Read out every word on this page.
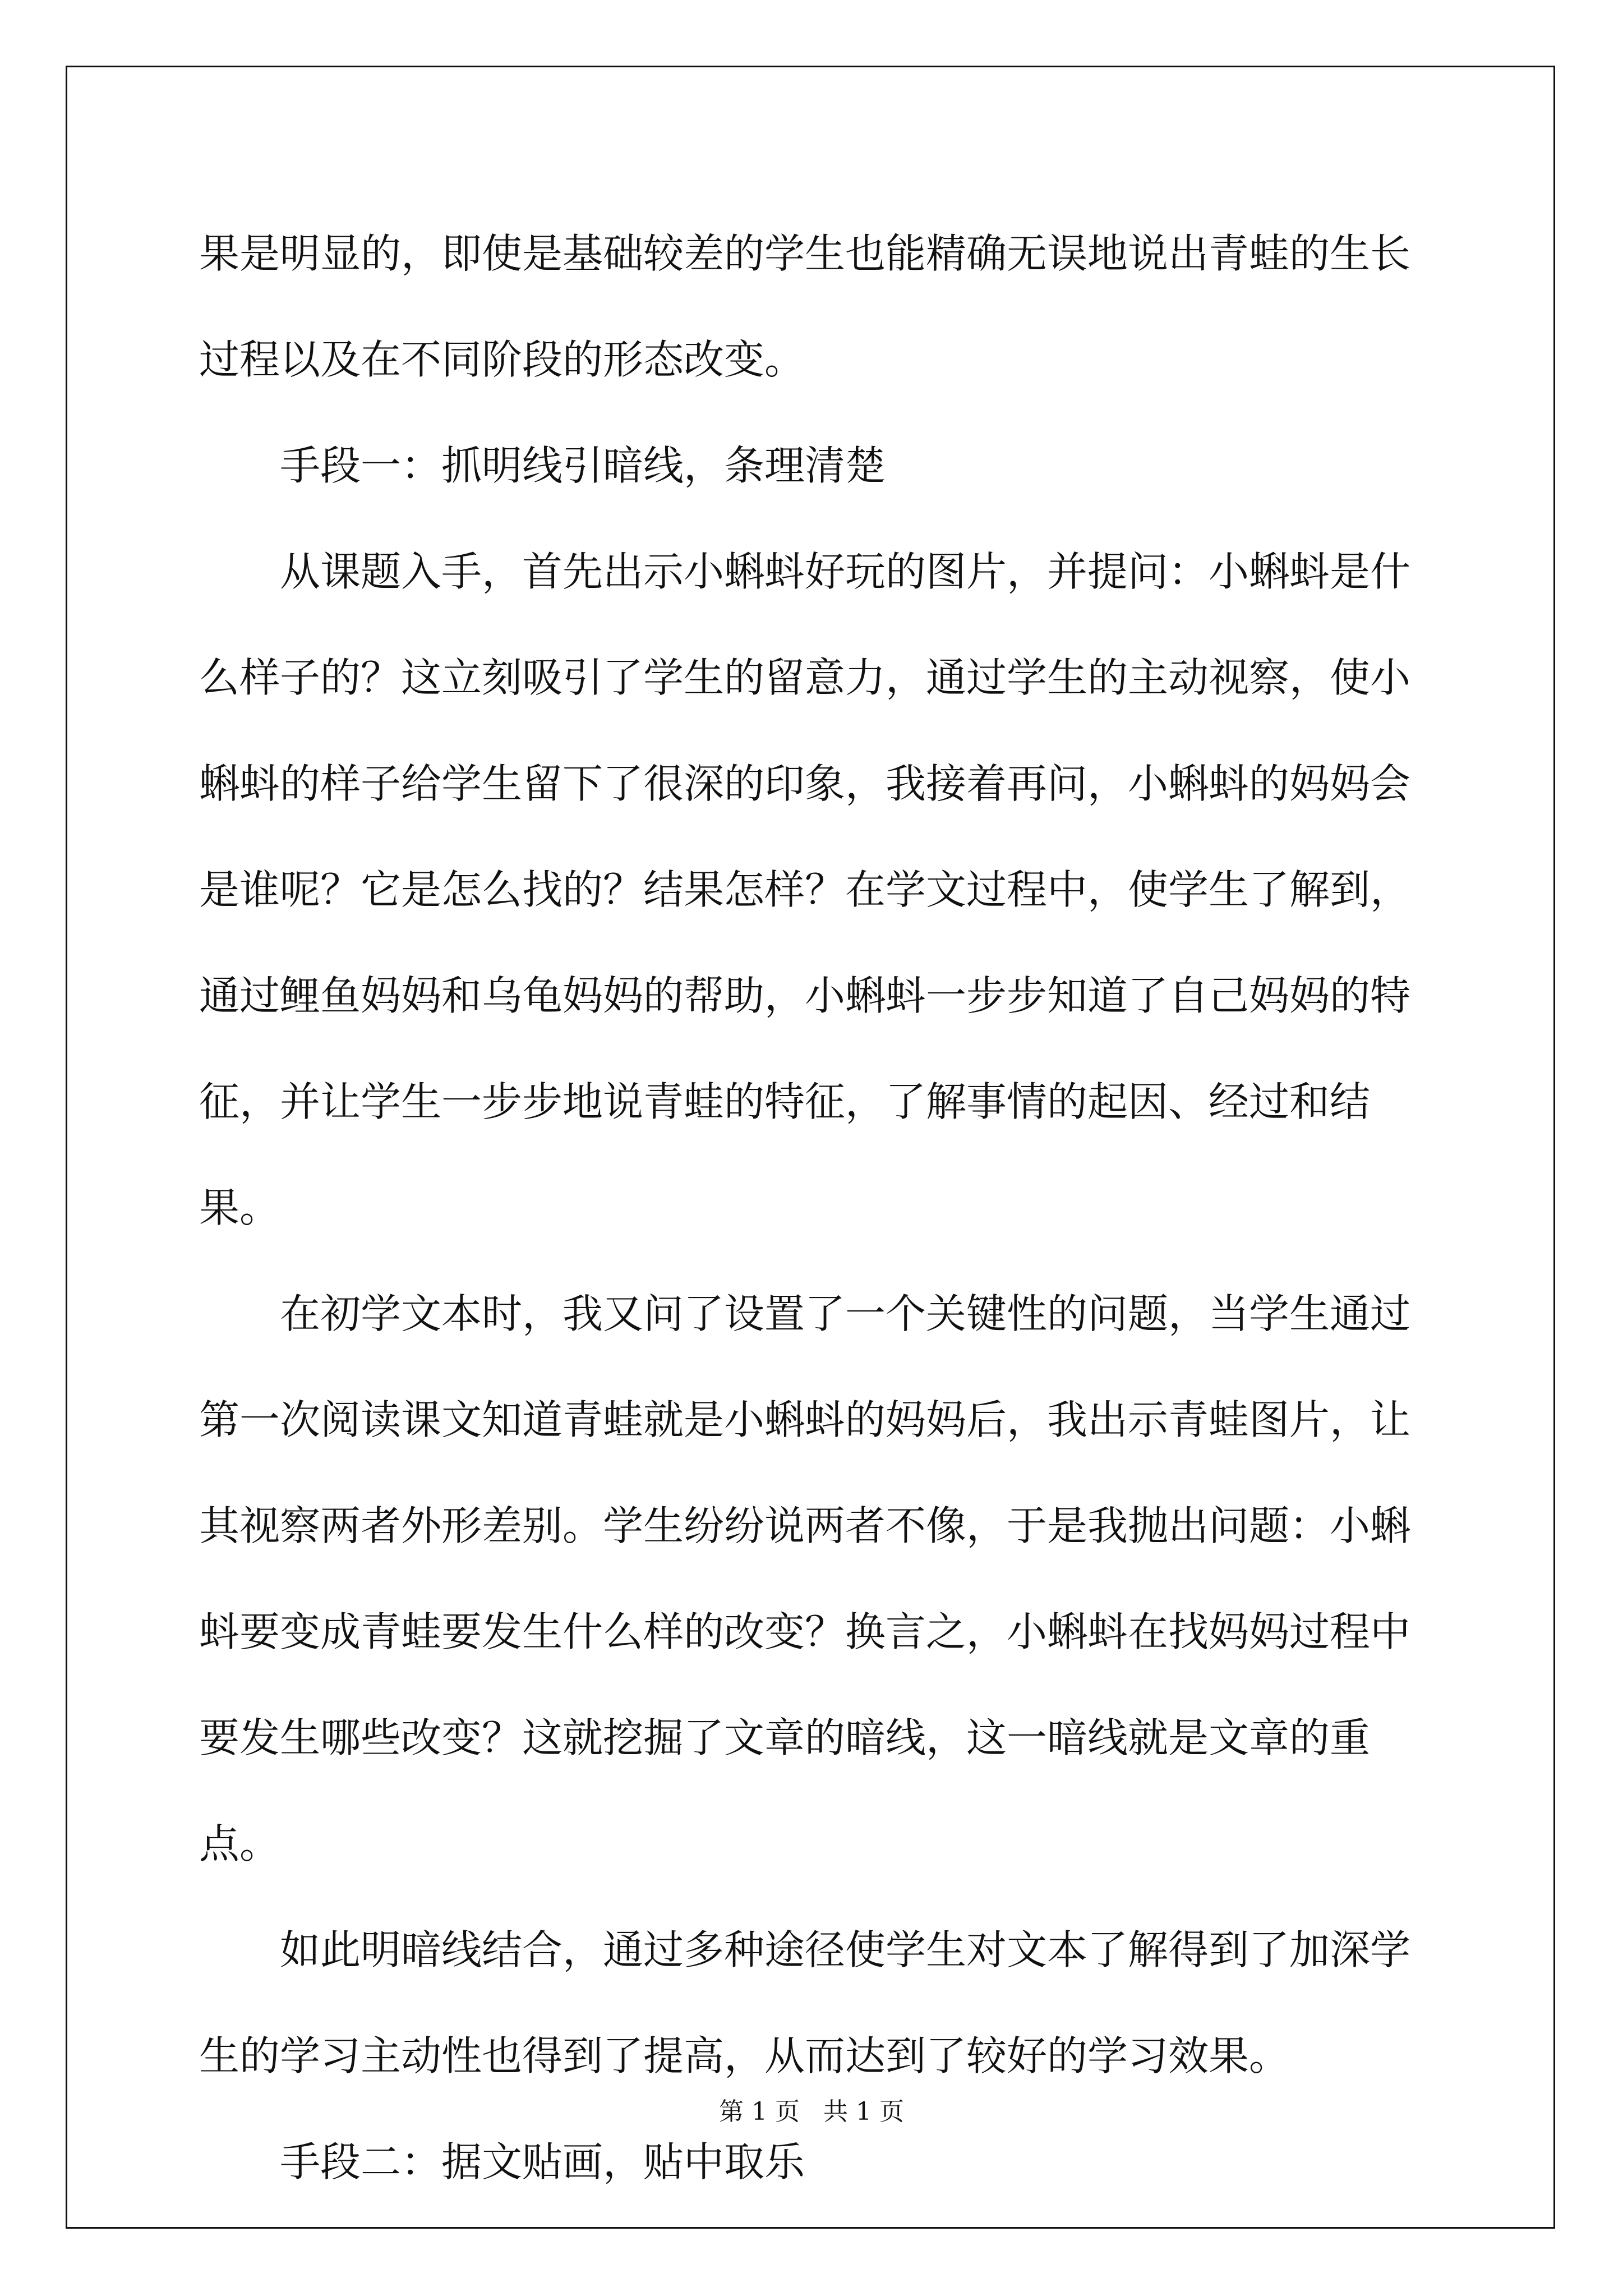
果是明显的，即使是基础较差的学生也能精确无误地说出青蛙的生长过程以及在不同阶段的形态改变。

手段一：抓明线引暗线，条理清楚

从课题入手，首先出示小蝌蚪好玩的图片，并提问：小蝌蚪是什么样子的？这立刻吸引了学生的留意力，通过学生的主动视察，使小蝌蚪的样子给学生留下了很深的印象，我接着再问，小蝌蚪的妈妈会是谁呢？它是怎么找的？结果怎样？在学文过程中，使学生了解到，通过鲤鱼妈妈和乌龟妈妈的帮助，小蝌蚪一步步知道了自己妈妈的特征，并让学生一步步地说青蛙的特征，了解事情的起因、经过和结果。

在初学文本时，我又问了设置了一个关键性的问题，当学生通过第一次阅读课文知道青蛙就是小蝌蚪的妈妈后，我出示青蛙图片，让其视察两者外形差别。学生纷纷说两者不像，于是我抛出问题：小蝌蚪要变成青蛙要发生什么样的改变？换言之，小蝌蚪在找妈妈过程中要发生哪些改变？这就挖掘了文章的暗线，这一暗线就是文章的重点。

如此明暗线结合，通过多种途径使学生对文本了解得到了加深学生的学习主动性也得到了提高，从而达到了较好的学习效果。

手段二：据文贴画，贴中取乐

第 1 页   共 1 页
